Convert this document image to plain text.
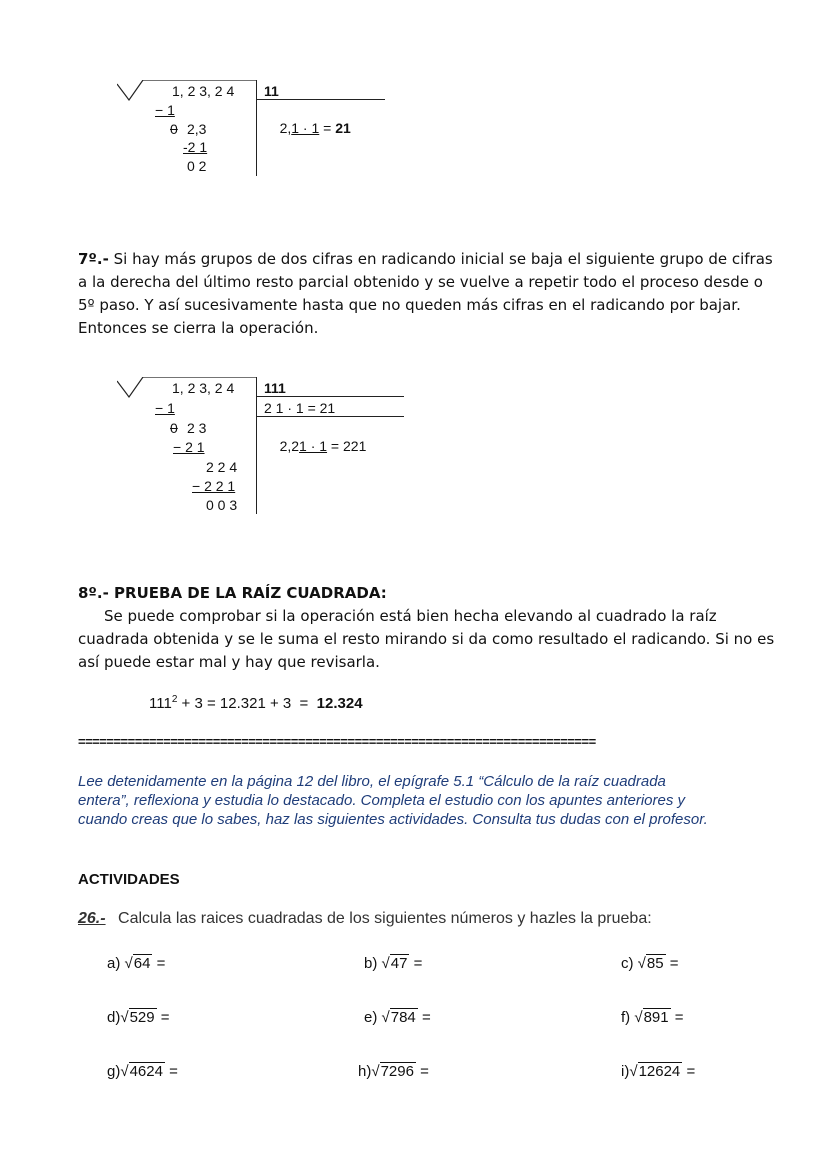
1, 2 3, 2 4 11

2,1 · 1 = 21

− 1
0 2,3
-2 1
0 2
7º.- Si hay más grupos de dos cifras en radicando inicial se baja el siguiente grupo de cifras a la derecha del último resto parcial obtenido y se vuelve a repetir todo el proceso desde o 5º paso. Y así sucesivamente hasta que no queden más cifras en el radicando por bajar. Entonces se cierra la operación.
1, 2 3, 2 4 111
2 1 · 1 = 21

2,21 · 1 = 221

− 1
0 2 3
− 2 1
2 2 4
− 2 2 1
0 0 3
8º.- PRUEBA DE LA RAÍZ CUADRADA:
Se puede comprobar si la operación está bien hecha elevando al cuadrado la raíz cuadrada obtenida y se le suma el resto mirando si da como resultado el radicando. Si no es así puede estar mal y hay que revisarla.
$111^2 + 3 = 12.321 + 3 = 12.324$
=========================================================================
Lee detenidamente en la página 12 del libro, el epígrafe 5.1 “Cálculo de la raíz cuadrada
entera”, reflexiona y estudia lo destacado. Completa el estudio con los apuntes anteriores y
cuando creas que lo sabes, haz las siguientes actividades. Consulta tus dudas con el profesor.
ACTIVIDADES
26.- Calcula las raices cuadradas de los siguientes números y hazles la prueba:
a) √64 =	b) √47 =	c) √85 =
d)√529 =	e) √784 =	f) √891 =
g)√4624 =	h)√7296 =	i)√12624 =
